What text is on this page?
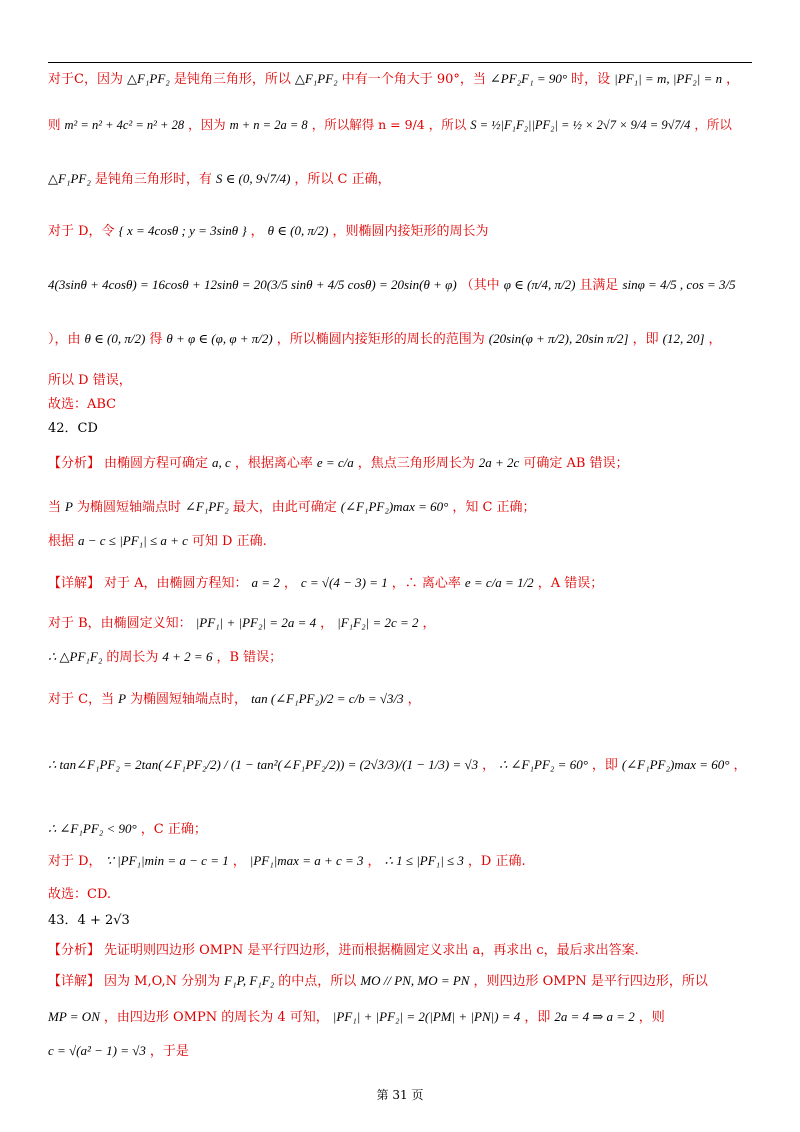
对于C，因为 △F₁PF₂ 是钝角三角形，所以 △F₁PF₂ 中有一个角大于 90°，当 ∠PF₂F₁ = 90° 时，设 |PF₁| = m, |PF₂| = n ，
则 m² = n² + 4c² = n² + 28 ，因为 m + n = 2a = 8 ，所以解得 n = 9/4 ，所以 S = ½|F₁F₂||PF₂| = ½ × 2√7 × 9/4 = 9√7/4 ，所以
△F₁PF₂ 是钝角三角形时，有 S ∈ (0, 9√7/4) ，所以 C 正确，
对于 D，令 { x = 4cosθ ; y = 3sinθ } ， θ ∈ (0, π/2) ，则椭圆内接矩形的周长为
4(3sinθ + 4cosθ) = 16cosθ + 12sinθ = 20(3/5 sinθ + 4/5 cosθ) = 20sin(θ + φ) （其中 φ ∈ (π/4, π/2) 且满足 sinφ = 4/5 , cos = 3/5
），由 θ ∈ (0, π/2) 得 θ + φ ∈ (φ, φ + π/2) ，所以椭圆内接矩形的周长的范围为 (20sin(φ + π/2), 20sin π/2] ，即 (12, 20] ，
所以 D 错误，
故选：ABC
42．CD
【分析】 由椭圆方程可确定 a, c ，根据离心率 e = c/a ，焦点三角形周长为 2a + 2c 可确定 AB 错误；
当 P 为椭圆短轴端点时 ∠F₁PF₂ 最大，由此可确定 (∠F₁PF₂)max = 60° ，知 C 正确；
根据 a − c ≤ |PF₁| ≤ a + c 可知 D 正确.
【详解】 对于 A，由椭圆方程知： a = 2 ， c = √(4 − 3) = 1 ，∴ 离心率 e = c/a = 1/2 ，A 错误；
对于 B，由椭圆定义知： |PF₁| + |PF₂| = 2a = 4 ， |F₁F₂| = 2c = 2 ，
∴ △PF₁F₂ 的周长为 4 + 2 = 6 ，B 错误；
对于 C，当 P 为椭圆短轴端点时， tan (∠F₁PF₂)/2 = c/b = √3/3 ，
∴ tan∠F₁PF₂ = 2tan(∠F₁PF₂/2) / (1 − tan²(∠F₁PF₂/2)) = (2√3/3)/(1 − 1/3) = √3 ， ∴ ∠F₁PF₂ = 60° ，即 (∠F₁PF₂)max = 60° ，
∴ ∠F₁PF₂ < 90° ，C 正确；
对于 D， ∵ |PF₁|min = a − c = 1 ， |PF₁|max = a + c = 3 ， ∴ 1 ≤ |PF₁| ≤ 3 ，D 正确.
故选：CD.
43．4 + 2√3
【分析】 先证明则四边形 OMPN 是平行四边形，进而根据椭圆定义求出 a，再求出 c，最后求出答案.
【详解】 因为 M,O,N 分别为 F₁P, F₁F₂ 的中点，所以 MO // PN, MO = PN ，则四边形 OMPN 是平行四边形，所以
MP = ON ，由四边形 OMPN 的周长为 4 可知， |PF₁| + |PF₂| = 2(|PM| + |PN|) = 4 ，即 2a = 4 ⇒ a = 2 ，则
c = √(a² − 1) = √3 ，于是
第 31 页
